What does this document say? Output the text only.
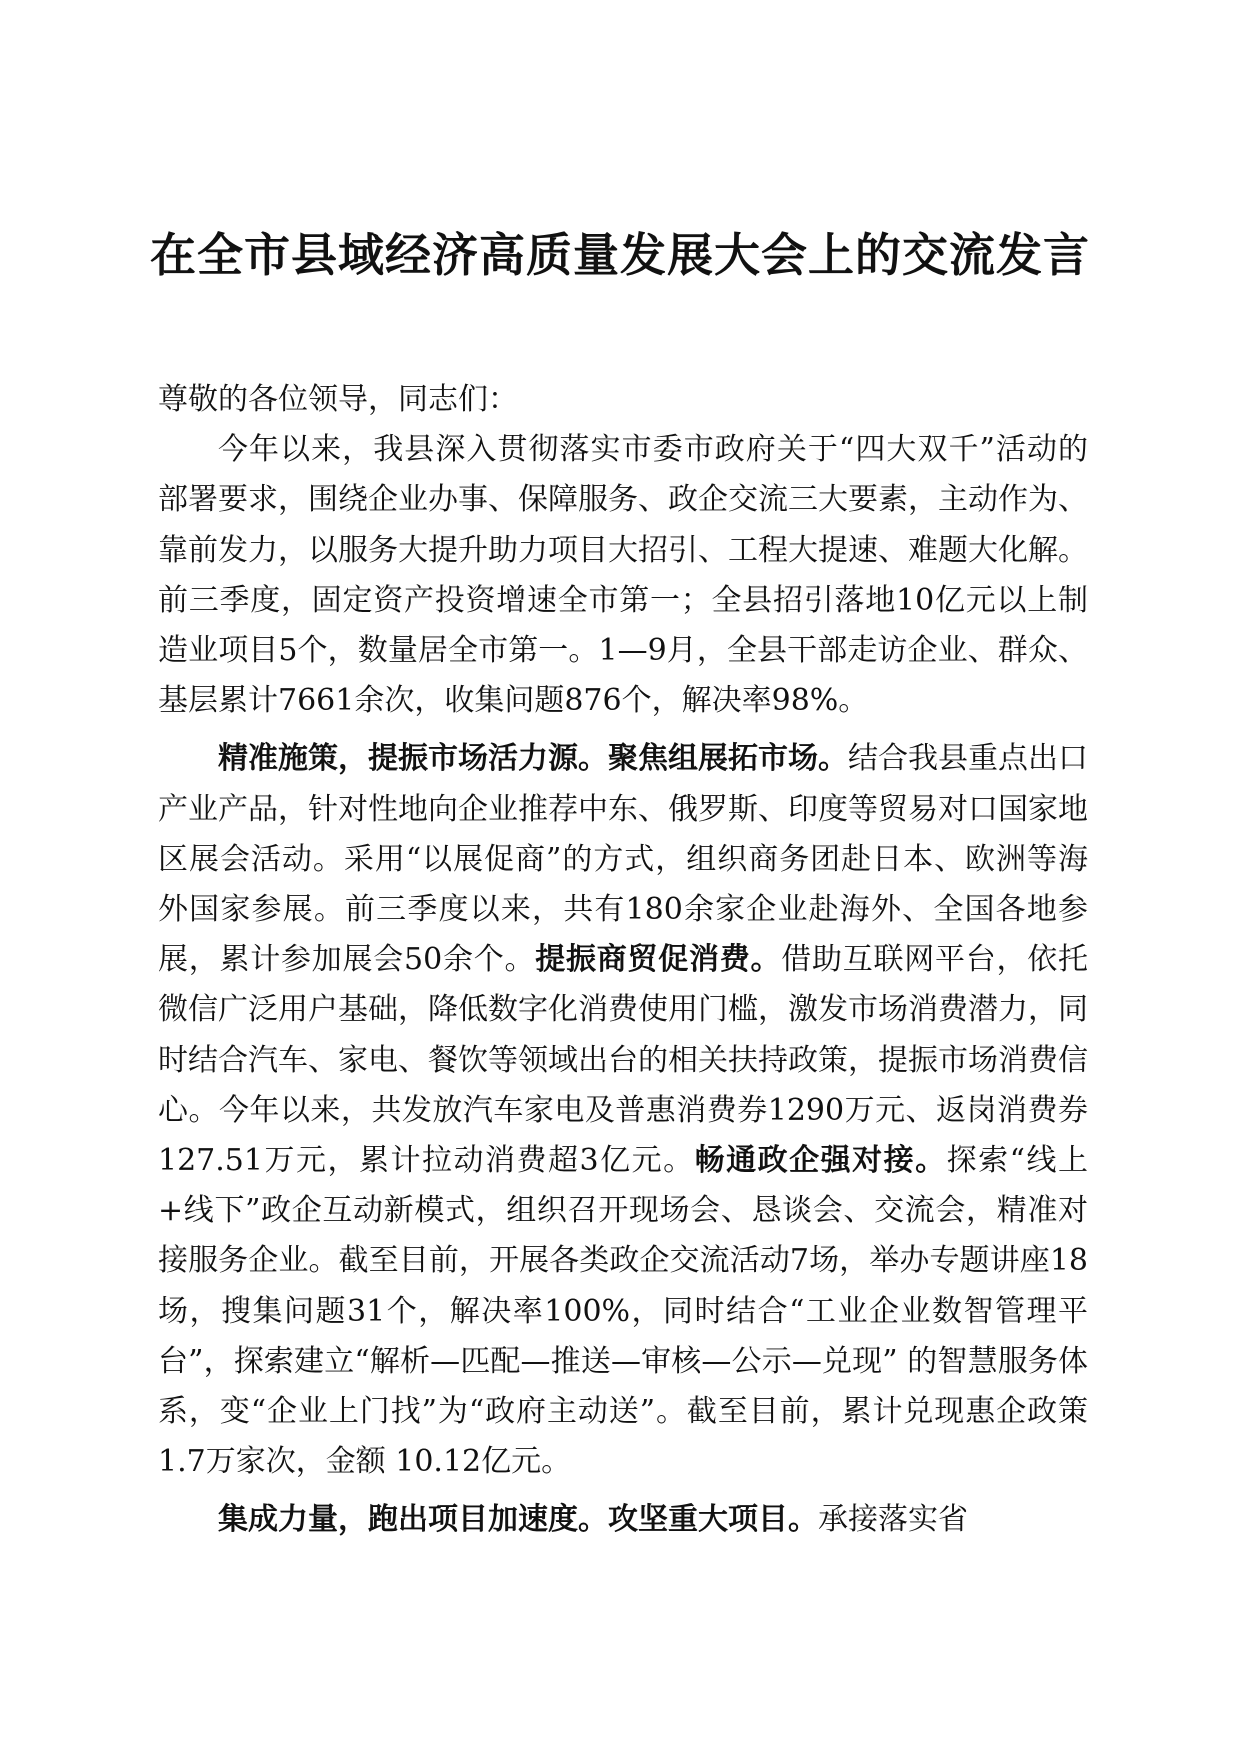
在全市县域经济高质量发展大会上的交流发言

尊敬的各位领导，同志们：

今年以来，我县深入贯彻落实市委市政府关于“四大双千”活动的部署要求，围绕企业办事、保障服务、政企交流三大要素，主动作为、靠前发力，以服务大提升助力项目大招引、工程大提速、难题大化解。前三季度，固定资产投资增速全市第一；全县招引落地10亿元以上制造业项目5个，数量居全市第一。1—9月，全县干部走访企业、群众、基层累计7661余次，收集问题876个，解决率98%。

精准施策，提振市场活力源。聚焦组展拓市场。结合我县重点出口产业产品，针对性地向企业推荐中东、俄罗斯、印度等贸易对口国家地区展会活动。采用“以展促商”的方式，组织商务团赴日本、欧洲等海外国家参展。前三季度以来，共有180余家企业赴海外、全国各地参展，累计参加展会50余个。提振商贸促消费。借助互联网平台，依托微信广泛用户基础，降低数字化消费使用门槛，激发市场消费潜力，同时结合汽车、家电、餐饮等领域出台的相关扶持政策，提振市场消费信心。今年以来，共发放汽车家电及普惠消费券1290万元、返岗消费券127.51万元，累计拉动消费超3亿元。畅通政企强对接。探索“线上+线下”政企互动新模式，组织召开现场会、恳谈会、交流会，精准对接服务企业。截至目前，开展各类政企交流活动7场，举办专题讲座18场，搜集问题31个，解决率100%，同时结合“工业企业数智管理平台”，探索建立“解析—匹配—推送—审核—公示—兑现” 的智慧服务体系，变“企业上门找”为“政府主动送”。截至目前，累计兑现惠企政策 1.7万家次，金额 10.12亿元。

集成力量，跑出项目加速度。攻坚重大项目。承接落实省
